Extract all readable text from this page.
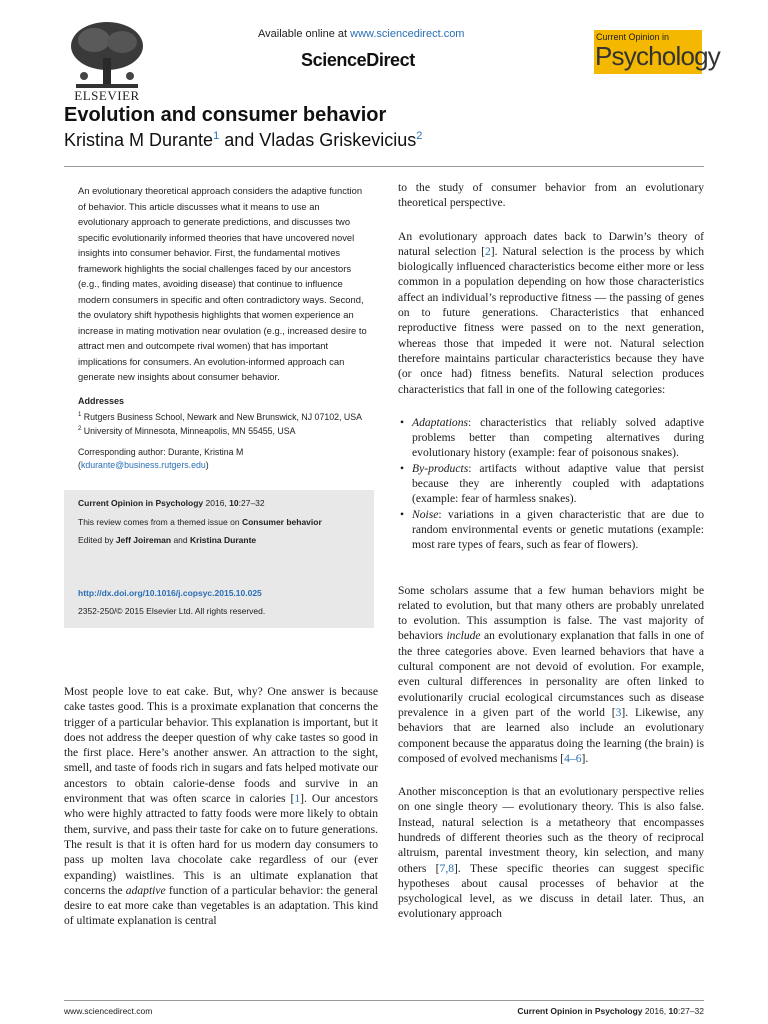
ELSEVIER
Available online at www.sciencedirect.com
ScienceDirect
Current Opinion in
Psychology
Evolution and consumer behavior
Kristina M Durante$^1$ and Vladas Griskevicius$^2$
An evolutionary theoretical approach considers the adaptive function of behavior. This article discusses what it means to use an evolutionary approach to generate predictions, and discusses two specific evolutionarily informed theories that have uncovered novel insights into consumer behavior. First, the fundamental motives framework highlights the social challenges faced by our ancestors (e.g., finding mates, avoiding disease) that continue to influence modern consumers in specific and often contradictory ways. Second, the ovulatory shift hypothesis highlights that women experience an increase in mating motivation near ovulation (e.g., increased desire to attract men and outcompete rival women) that has important implications for consumers. An evolution-informed approach can generate new insights about consumer behavior.
Addresses
$^1$ Rutgers Business School, Newark and New Brunswick, NJ 07102, USA
$^2$ University of Minnesota, Minneapolis, MN 55455, USA
Corresponding author: Durante, Kristina M
(kdurante@business.rutgers.edu)
Current Opinion in Psychology 2016, 10:27–32
This review comes from a themed issue on Consumer behavior
Edited by Jeff Joireman and Kristina Durante
http://dx.doi.org/10.1016/j.copsyc.2015.10.025
2352-250/© 2015 Elsevier Ltd. All rights reserved.
Most people love to eat cake. But, why? One answer is because cake tastes good. This is a proximate explanation that concerns the trigger of a particular behavior. This explanation is important, but it does not address the deeper question of why cake tastes so good in the first place. Here’s another answer. An attraction to the sight, smell, and taste of foods rich in sugars and fats helped motivate our ancestors to obtain calorie-dense foods and survive in an environment that was often scarce in calories [1]. Our ancestors who were highly attracted to fatty foods were more likely to obtain them, survive, and pass their taste for cake on to future generations. The result is that it is often hard for us modern day consumers to pass up molten lava chocolate cake regardless of our (ever expanding) waistlines. This is an ultimate explanation that concerns the adaptive function of a particular behavior: the general desire to eat more cake than vegetables is an adaptation. This kind of ultimate explanation is central

to the study of consumer behavior from an evolutionary theoretical perspective.

An evolutionary approach dates back to Darwin’s theory of natural selection [2]. Natural selection is the process by which biologically influenced characteristics become either more or less common in a population depending on how those characteristics affect an individual’s reproductive fitness — the passing of genes on to future generations. Characteristics that enhanced reproductive fitness were passed on to the next generation, whereas those that impeded it were not. Natural selection therefore maintains particular characteristics because they have (or once had) fitness benefits. Natural selection produces characteristics that fall in one of the following categories:

• Adaptations: characteristics that reliably solved adaptive problems better than competing alternatives during evolutionary history (example: fear of poisonous snakes).
• By-products: artifacts without adaptive value that persist because they are inherently coupled with adaptations (example: fear of harmless snakes).
• Noise: variations in a given characteristic that are due to random environmental events or genetic mutations (example: most rare types of fears, such as fear of flowers).

Some scholars assume that a few human behaviors might be related to evolution, but that many others are probably unrelated to evolution. This assumption is false. The vast majority of behaviors include an evolutionary explanation that falls in one of the three categories above. Even learned behaviors that have a cultural component are not devoid of evolution. For example, even cultural differences in personality are often linked to evolutionarily crucial ecological circumstances such as disease prevalence in a given part of the world [3]. Likewise, any behaviors that are learned also include an evolutionary component because the apparatus doing the learning (the brain) is composed of evolved mechanisms [4–6].

Another misconception is that an evolutionary perspective relies on one single theory — evolutionary theory. This is also false. Instead, natural selection is a metatheory that encompasses hundreds of different theories such as the theory of reciprocal altruism, parental investment theory, kin selection, and many others [7,8]. These specific theories can suggest specific hypotheses about causal processes of behavior at the psychological level, as we discuss in detail later. Thus, an evolutionary approach

www.sciencedirect.com	Current Opinion in Psychology 2016, 10:27–32
